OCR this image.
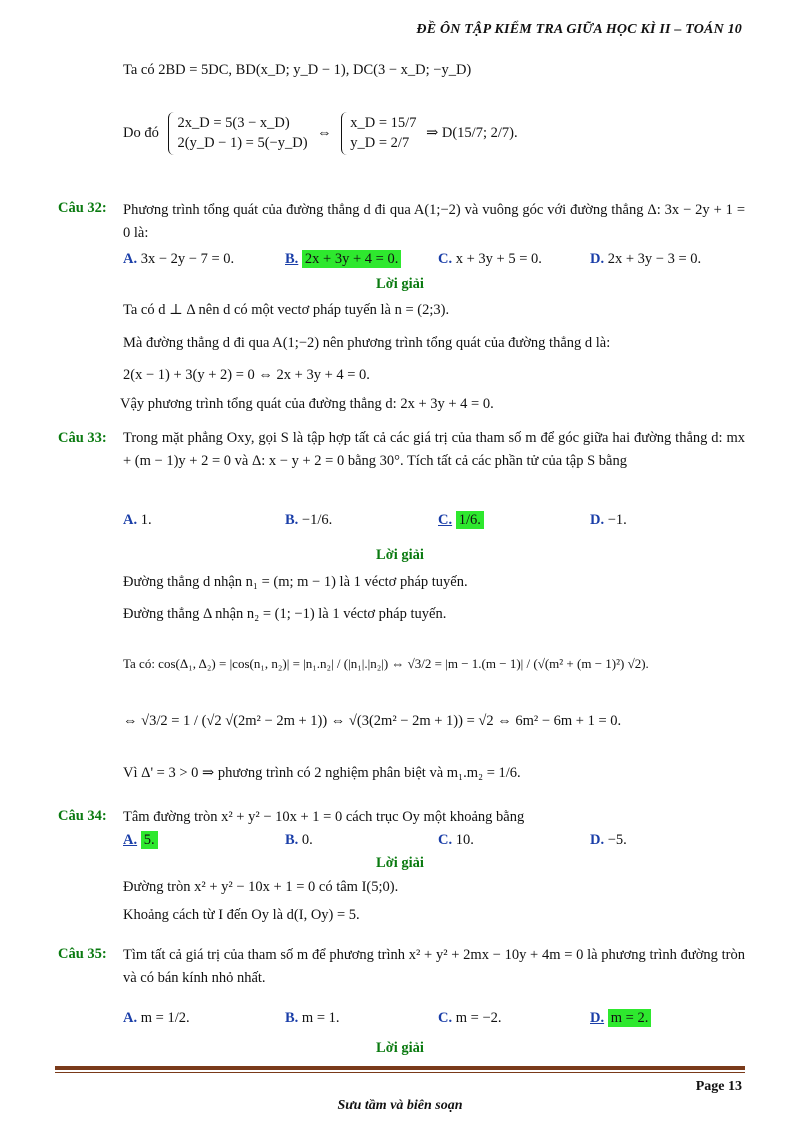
ĐỀ ÔN TẬP KIỂM TRA GIỮA HỌC KÌ II – TOÁN 10
Ta có 2BD = 5DC, BD(x_D; y_D − 1), DC(3 − x_D; −y_D)
Do đó
2x_D = 5(3 − x_D)
2(y_D − 1) = 5(−y_D)
⇔
x_D = 15/7
y_D = 2/7
⇒ D(15/7; 2/7).
Câu 32: Phương trình tổng quát của đường thẳng d đi qua A(1;−2) và vuông góc với đường thẳng Δ: 3x − 2y + 1 = 0 là:
A. 3x − 2y − 7 = 0.	B. 2x + 3y + 4 = 0.	C. x + 3y + 5 = 0.	D. 2x + 3y − 3 = 0.
Lời giải
Ta có d ⊥ Δ nên d có một vectơ pháp tuyến là n = (2;3).
Mà đường thẳng d đi qua A(1;−2) nên phương trình tổng quát của đường thẳng d là:
2(x − 1) + 3(y + 2) = 0 ⇔ 2x + 3y + 4 = 0.
Vậy phương trình tổng quát của đường thẳng d: 2x + 3y + 4 = 0.
Câu 33: Trong mặt phẳng Oxy, gọi S là tập hợp tất cả các giá trị của tham số m để góc giữa hai đường thẳng d: mx + (m − 1)y + 2 = 0 và Δ: x − y + 2 = 0 bằng 30°. Tích tất cả các phần tử của tập S bằng
A. 1.	B. −1/6.	C. 1/6.	D. −1.
Lời giải
Đường thẳng d nhận n₁ = (m; m − 1) là 1 véctơ pháp tuyến.
Đường thẳng Δ nhận n₂ = (1; −1) là 1 véctơ pháp tuyến.
Ta có: cos(Δ₁, Δ₂) = |cos(n₁, n₂)| = |n₁.n₂| / (|n₁|.|n₂|) ⇔ √3/2 = |m − 1.(m − 1)| / (√(m² + (m − 1)²) √2).
⇔ √3/2 = 1 / (√2 √(2m² − 2m + 1)) ⇔ √(3(2m² − 2m + 1)) = √2 ⇔ 6m² − 6m + 1 = 0.
Vì Δ' = 3 > 0 ⇒ phương trình có 2 nghiệm phân biệt và m₁.m₂ = 1/6.
Câu 34: Tâm đường tròn x² + y² − 10x + 1 = 0 cách trục Oy một khoảng bằng
A. 5.	B. 0.	C. 10.	D. −5.
Lời giải
Đường tròn x² + y² − 10x + 1 = 0 có tâm I(5;0).
Khoảng cách từ I đến Oy là d(I, Oy) = 5.
Câu 35: Tìm tất cả giá trị của tham số m để phương trình x² + y² + 2mx − 10y + 4m = 0 là phương trình đường tròn và có bán kính nhỏ nhất.
A. m = 1/2.	B. m = 1.	C. m = −2.	D. m = 2.
Lời giải
Page 13
Sưu tầm và biên soạn
